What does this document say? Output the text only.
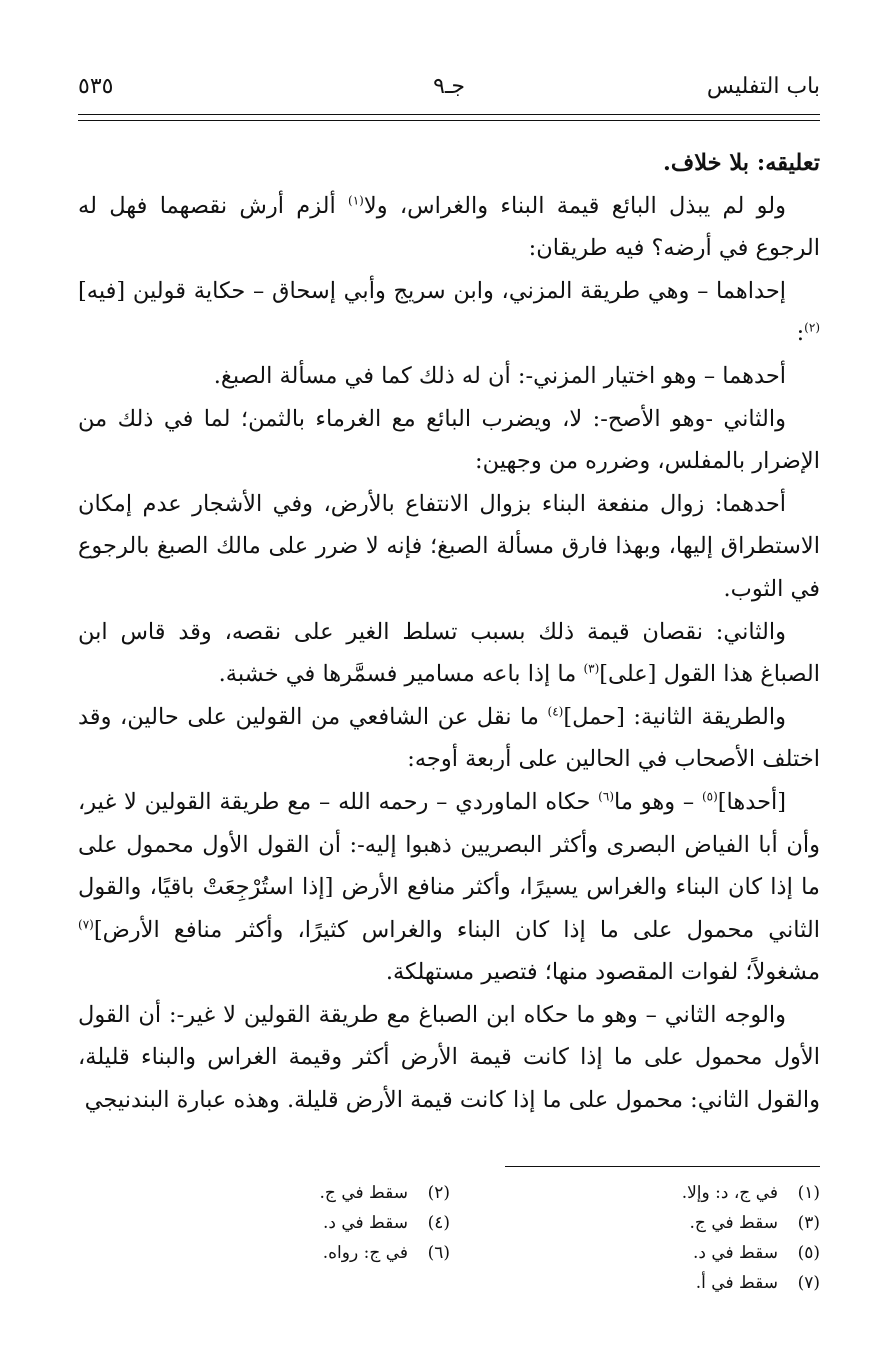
باب التفليس
جـ٩
٥٣٥

تعليقه: بلا خلاف.

ولو لم يبذل البائع قيمة البناء والغراس، ولا$^{(١)}$ ألزم أرش نقصهما فهل له الرجوع في أرضه؟ فيه طريقان:

إحداهما – وهي طريقة المزني، وابن سريج وأبي إسحاق – حكاية قولين [فيه]$^{(٢)}$:

أحدهما – وهو اختيار المزني-: أن له ذلك كما في مسألة الصبغ.

والثاني -وهو الأصح-: لا، ويضرب البائع مع الغرماء بالثمن؛ لما في ذلك من الإضرار بالمفلس، وضرره من وجهين:

أحدهما: زوال منفعة البناء بزوال الانتفاع بالأرض، وفي الأشجار عدم إمكان الاستطراق إليها، وبهذا فارق مسألة الصبغ؛ فإنه لا ضرر على مالك الصبغ بالرجوع في الثوب.

والثاني: نقصان قيمة ذلك بسبب تسلط الغير على نقصه، وقد قاس ابن الصباغ هذا القول [على]$^{(٣)}$ ما إذا باعه مسامير فسمَّرها في خشبة.

والطريقة الثانية: [حمل]$^{(٤)}$ ما نقل عن الشافعي من القولين على حالين، وقد اختلف الأصحاب في الحالين على أربعة أوجه:

[أحدها]$^{(٥)}$ – وهو ما$^{(٦)}$ حكاه الماوردي – رحمه الله – مع طريقة القولين لا غير، وأن أبا الفياض البصرى وأكثر البصريين ذهبوا إليه-: أن القول الأول محمول على ما إذا كان البناء والغراس يسيرًا، وأكثر منافع الأرض [إذا استُرْجِعَتْ باقيًا، والقول الثاني محمول على ما إذا كان البناء والغراس كثيرًا، وأكثر منافع الأرض]$^{(٧)}$ مشغولاً؛ لفوات المقصود منها؛ فتصير مستهلكة.

والوجه الثاني – وهو ما حكاه ابن الصباغ مع طريقة القولين لا غير-: أن القول الأول محمول على ما إذا كانت قيمة الأرض أكثر وقيمة الغراس والبناء قليلة، والقول الثاني: محمول على ما إذا كانت قيمة الأرض قليلة. وهذه عبارة البندنيجي

(١)في ج، د: وإلا.
(٣)سقط في ج.
(٥)سقط في د.
(٧)سقط في أ.
(٢)سقط في ج.
(٤)سقط في د.
(٦)في ج: رواه.
